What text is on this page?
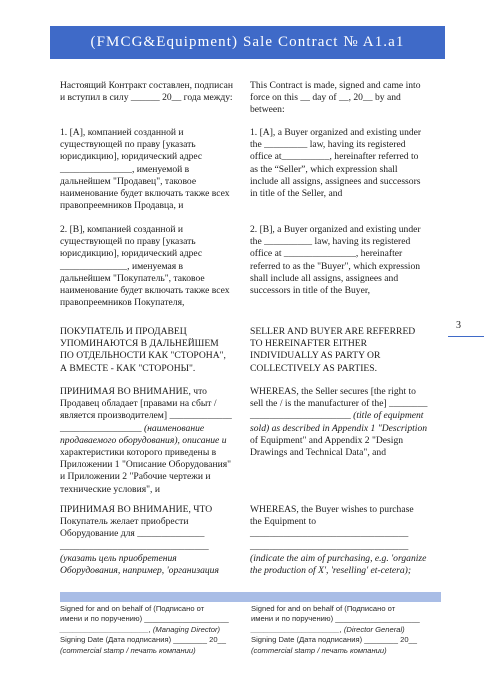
(FMCG&Equipment) Sale Contract № A1.a1
3
Настоящий Контракт составлен, подписан
и вступил в силу ______ 20__ года между:
This Contract is made, signed and came into
force on this __ day of __, 20__ by and
between:
1. [А], компанией созданной и
существующей по праву [указать
юрисдикцию], юридический адрес
_______________, именуемой в
дальнейшем "Продавец", таковое
наименование будет включать также всех
правопреемников Продавца, и
1. [A], a Buyer organized and existing under
the _________ law, having its registered
office at__________, hereinafter referred to
as the “Seller”, which expression shall
include all assigns, assignees and successors
in title of the Seller, and
2. [В], компанией созданной и
существующей по праву [указать
юрисдикцию], юридический адрес
______________, именуемая в
дальнейшем "Покупатель", таковое
наименование будет включать также всех
правопреемников Покупателя,
2. [B], a Buyer organized and existing under
the __________ law, having its registered
office at _______________, hereinafter
referred to as the "Buyer", which expression
shall include all assigns, assignees and
successors in title of the Buyer,
ПОКУПАТЕЛЬ И ПРОДАВЕЦ
УПОМИНАЮТСЯ В ДАЛЬНЕЙШЕМ
ПО ОТДЕЛЬНОСТИ КАК "СТОРОНА",
А ВМЕСТЕ - КАК "СТОРОНЫ".
SELLER AND BUYER ARE REFERRED
TO HEREINAFTER EITHER
INDIVIDUALLY AS PARTY OR
COLLECTIVELY AS PARTIES.
ПРИНИМАЯ ВО ВНИМАНИЕ, что
Продавец обладает [правами на сбыт /
является производителем] _____________
_________________ (наименование
продаваемого оборудования), описание и
характеристики которого приведены в
Приложении 1 "Описание Оборудования"
и Приложении 2 "Рабочие чертежи и
технические условия", и
WHEREAS, the Seller secures [the right to
sell the / is the manufacturer of the] ________
_____________________ (title of equipment
sold) as described in Appendix 1 "Description
of Equipment" and Appendix 2 "Design
Drawings and Technical Data", and
ПРИНИМАЯ ВО ВНИМАНИЕ, ЧТО
Покупатель желает приобрести
Оборудование для ______________
_______________________________
(указать цель приобретения
Оборудования, например, 'организация
WHEREAS, the Buyer wishes to purchase
the Equipment to
_________________________________
_________________________________
(indicate the aim of purchasing, e.g. 'organize
the production of X', 'reselling' et-cetera);
Signed for and on behalf of (Подписано от
имени и по поручению) ____________________
_____________________, (Managing Director)
Signing Date (Дата подписания) ________ 20__
(commercial stamp / печать компании)
Signed for and on behalf of (Подписано от
имени и по поручению) ____________________
_____________________, (Director General)
Signing Date (Дата подписания) ________ 20__
(commercial stamp / печать компании)
